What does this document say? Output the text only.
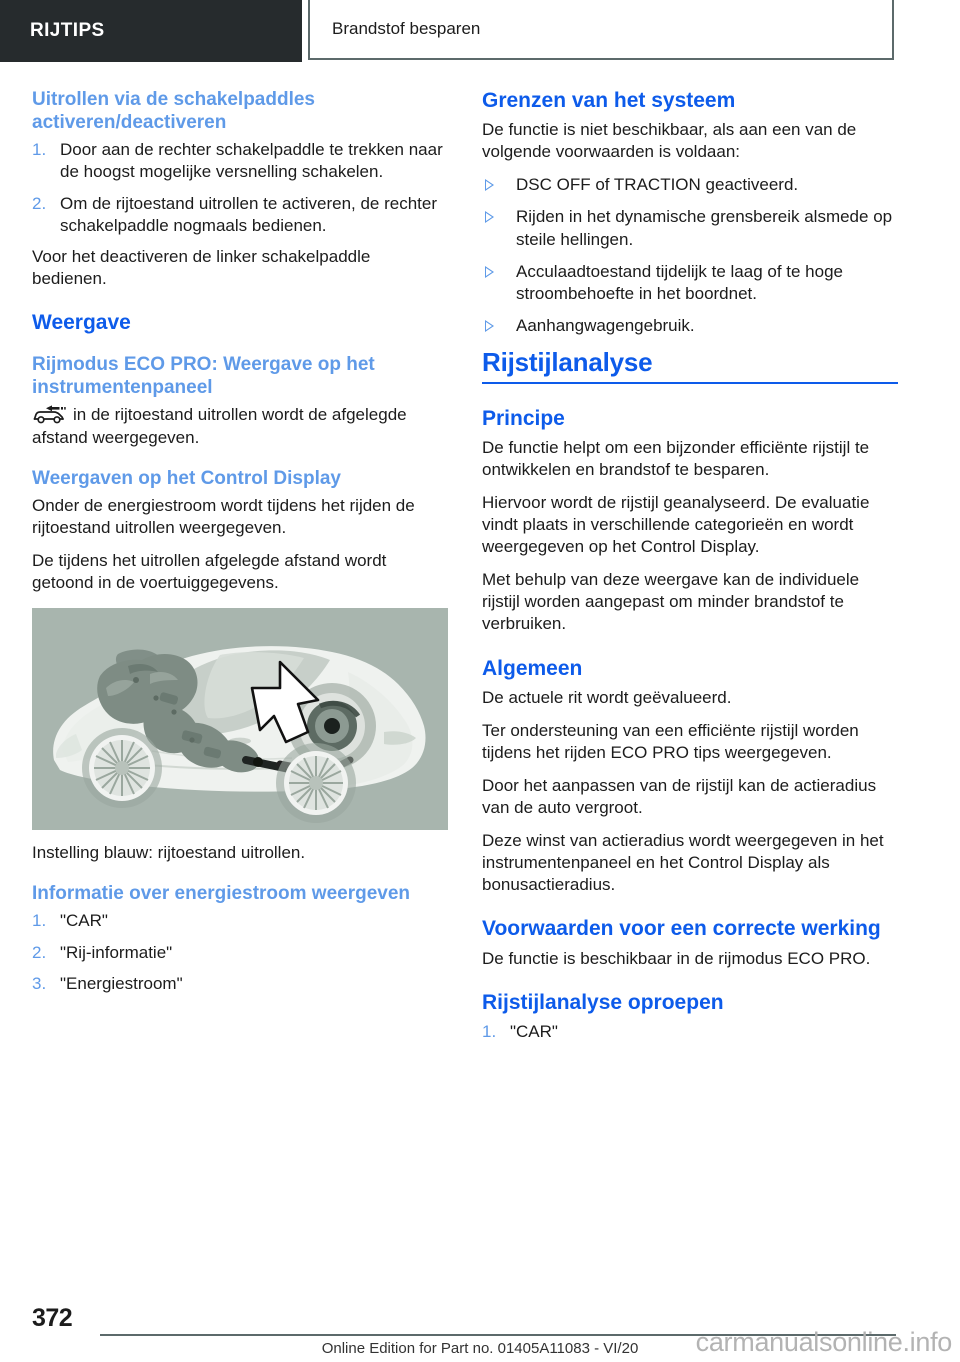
RIJTIPS	Brandstof besparen
Uitrollen via de schakelpaddles activeren/deactiveren
1. Door aan de rechter schakelpaddle te trekken naar de hoogst mogelijke versnelling schakelen.
2. Om de rijtoestand uitrollen te activeren, de rechter schakelpaddle nogmaals bedienen.

Voor het deactiveren de linker schakelpaddle bedienen.

Weergave
Rijmodus ECO PRO: Weergave op het instrumentenpaneel

in de rijtoestand uitrollen wordt de afgelegde afstand weergegeven.

Weergaven op het Control Display

Onder de energiestroom wordt tijdens het rijden de rijtoestand uitrollen weergegeven.

De tijdens het uitrollen afgelegde afstand wordt getoond in de voertuiggegevens.

Instelling blauw: rijtoestand uitrollen.

Informatie over energiestroom weergeven
1. "CAR"
2. "Rij-informatie"
3. "Energiestroom"
Grenzen van het systeem

De functie is niet beschikbaar, als aan een van de volgende voorwaarden is voldaan:

DSC OFF of TRACTION geactiveerd.
Rijden in het dynamische grensbereik alsmede op steile hellingen.
Acculaadtoestand tijdelijk te laag of te hoge stroombehoefte in het boordnet.
Aanhangwagengebruik.
Rijstijlanalyse
Principe

De functie helpt om een bijzonder efficiënte rijstijl te ontwikkelen en brandstof te besparen.

Hiervoor wordt de rijstijl geanalyseerd. De evaluatie vindt plaats in verschillende categorieën en wordt weergegeven op het Control Display.

Met behulp van deze weergave kan de individuele rijstijl worden aangepast om minder brandstof te verbruiken.

Algemeen

De actuele rit wordt geëvalueerd.

Ter ondersteuning van een efficiënte rijstijl worden tijdens het rijden ECO PRO tips weergegeven.

Door het aanpassen van de rijstijl kan de actieradius van de auto vergroot.

Deze winst van actieradius wordt weergegeven in het instrumentenpaneel en het Control Display als bonusactieradius.

Voorwaarden voor een correcte werking

De functie is beschikbaar in de rijmodus ECO PRO.

Rijstijlanalyse oproepen
1. "CAR"
372
Online Edition for Part no. 01405A11083 - VI/20	carmanualsonline.info
